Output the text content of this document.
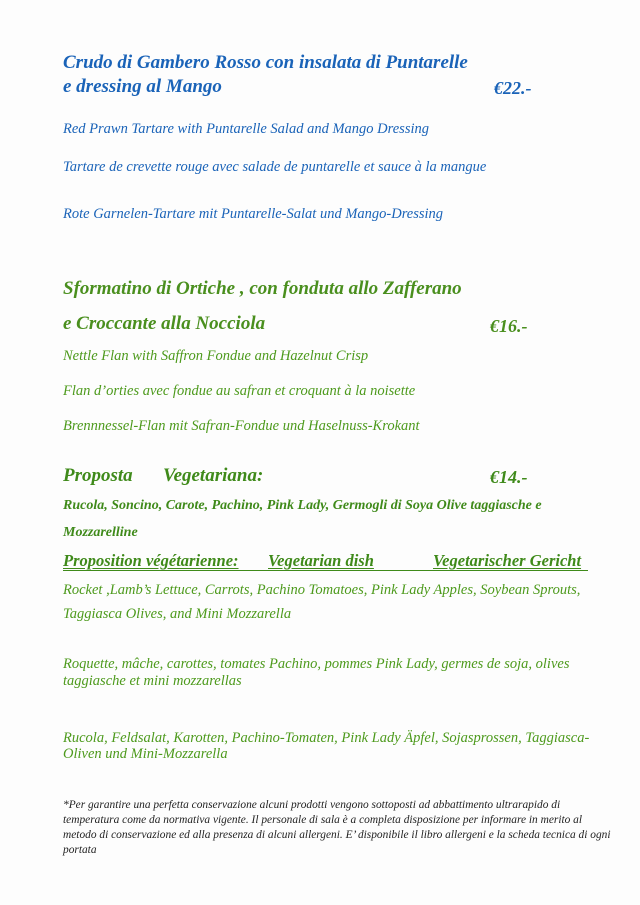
Crudo di Gambero Rosso con insalata di Puntarelle
e dressing al Mango	€22.-
Red Prawn Tartare with Puntarelle Salad and Mango Dressing
Tartare de crevette rouge avec salade de puntarelle et sauce à la mangue
Rote Garnelen-Tartare mit Puntarelle-Salat und Mango-Dressing
Sformatino di Ortiche , con fonduta allo Zafferano
e Croccante alla Nocciola	€16.-
Nettle Flan with Saffron Fondue and Hazelnut Crisp
Flan d’orties avec fondue au safran et croquant à la noisette
Brennnessel-Flan mit Safran-Fondue und Haselnuss-Krokant
Proposta Vegetariana:	€14.-
Rucola, Soncino, Carote, Pachino, Pink Lady, Germogli di Soya Olive taggiasche e
Mozzarelline
Proposition végétarienne: Vegetarian dish	Vegetarischer Gericht
Rocket ,Lamb’s Lettuce, Carrots, Pachino Tomatoes, Pink Lady Apples, Soybean Sprouts,
Taggiasca Olives, and Mini Mozzarella
Roquette, mâche, carottes, tomates Pachino, pommes Pink Lady, germes de soja, olives
taggiasche et mini mozzarellas
Rucola, Feldsalat, Karotten, Pachino-Tomaten, Pink Lady Äpfel, Sojasprossen, Taggiasca-
Oliven und Mini-Mozzarella
*Per garantire una perfetta conservazione alcuni prodotti vengono sottoposti ad abbattimento ultrarapido di temperatura come da normativa vigente. Il personale di sala è a completa disposizione per informare in merito al metodo di conservazione ed alla presenza di alcuni allergeni. E’ disponibile il libro allergeni e la scheda tecnica di ogni portata
